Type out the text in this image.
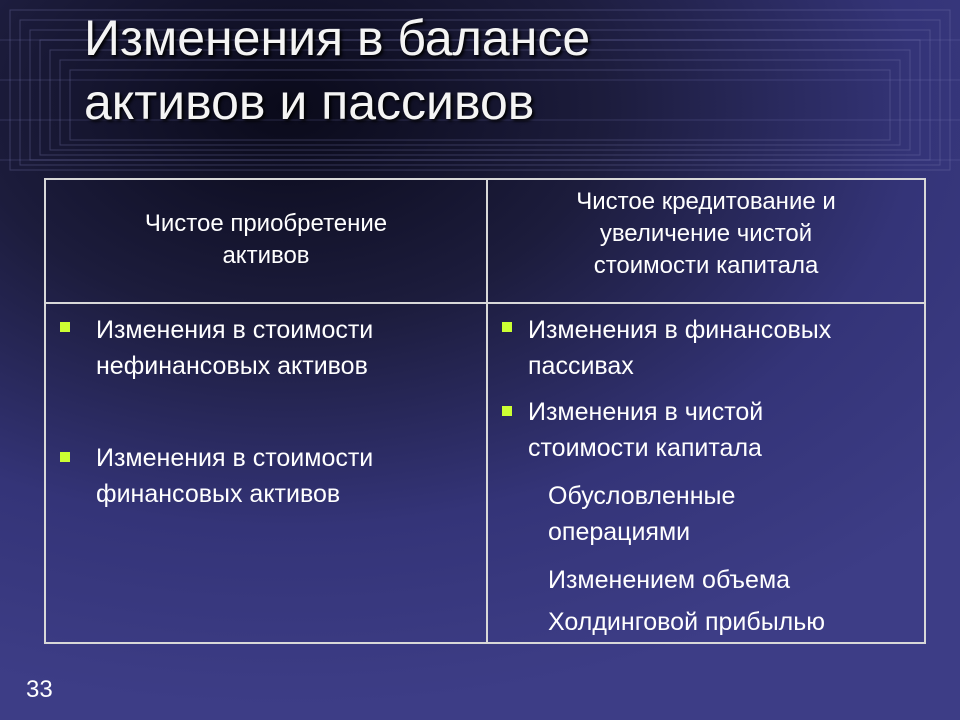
Изменения в балансе
активов и пассивов
Чистое приобретение
активов
Чистое кредитование и
увеличение чистой
стоимости капитала
Изменения в стоимости
нефинансовых активов
Изменения в стоимости
финансовых активов
Изменения в финансовых
пассивах
Изменения в чистой
стоимости капитала
Обусловленные
операциями
Изменением объема
Холдинговой прибылью
33
